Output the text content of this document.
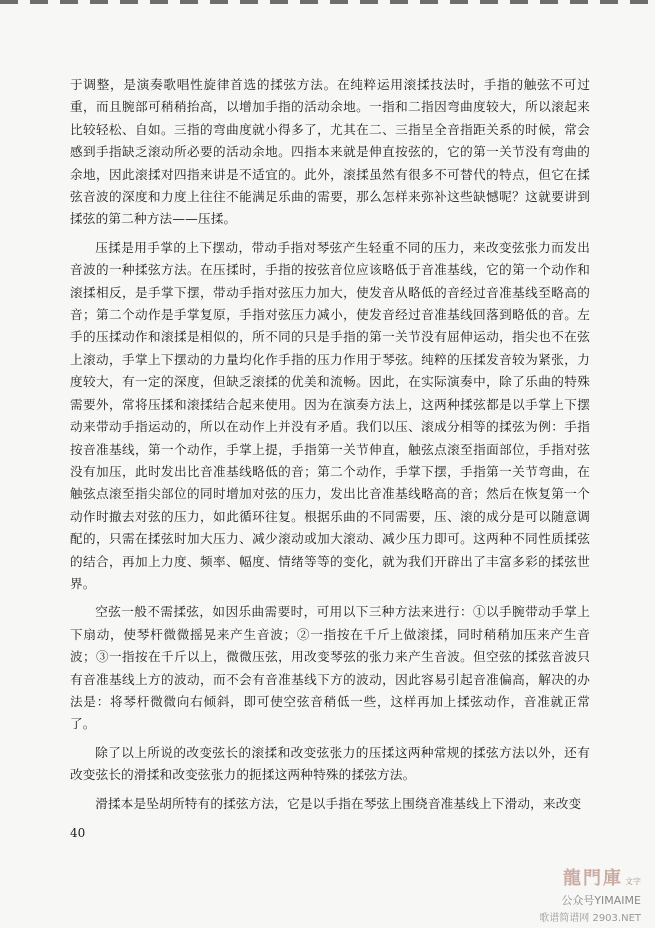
于调整，是演奏歌唱性旋律首选的揉弦方法。在纯粹运用滚揉技法时，手指的触弦不可过重，而且腕部可稍稍抬高，以增加手指的活动余地。一指和二指因弯曲度较大，所以滚起来比较轻松、自如。三指的弯曲度就小得多了，尤其在二、三指呈全音指距关系的时候，常会感到手指缺乏滚动所必要的活动余地。四指本来就是伸直按弦的，它的第一关节没有弯曲的余地，因此滚揉对四指来讲是不适宜的。此外，滚揉虽然有很多不可替代的特点，但它在揉弦音波的深度和力度上往往不能满足乐曲的需要，那么怎样来弥补这些缺憾呢？这就要讲到揉弦的第二种方法——压揉。

压揉是用手掌的上下摆动，带动手指对琴弦产生轻重不同的压力，来改变弦张力而发出音波的一种揉弦方法。在压揉时，手指的按弦音位应该略低于音准基线，它的第一个动作和滚揉相反，是手掌下摆，带动手指对弦压力加大，使发音从略低的音经过音准基线至略高的音；第二个动作是手掌复原，手指对弦压力减小，使发音经过音准基线回落到略低的音。左手的压揉动作和滚揉是相似的，所不同的只是手指的第一关节没有屈伸运动，指尖也不在弦上滚动，手掌上下摆动的力量均化作手指的压力作用于琴弦。纯粹的压揉发音较为紧张，力度较大，有一定的深度，但缺乏滚揉的优美和流畅。因此，在实际演奏中，除了乐曲的特殊需要外，常将压揉和滚揉结合起来使用。因为在演奏方法上，这两种揉弦都是以手掌上下摆动来带动手指运动的，所以在动作上并没有矛盾。我们以压、滚成分相等的揉弦为例：手指按音准基线，第一个动作，手掌上提，手指第一关节伸直，触弦点滚至指面部位，手指对弦没有加压，此时发出比音准基线略低的音；第二个动作，手掌下摆，手指第一关节弯曲，在触弦点滚至指尖部位的同时增加对弦的压力，发出比音准基线略高的音；然后在恢复第一个动作时撤去对弦的压力，如此循环往复。根据乐曲的不同需要，压、滚的成分是可以随意调配的，只需在揉弦时加大压力、减少滚动或加大滚动、减少压力即可。这两种不同性质揉弦的结合，再加上力度、频率、幅度、情绪等等的变化，就为我们开辟出了丰富多彩的揉弦世界。

空弦一般不需揉弦，如因乐曲需要时，可用以下三种方法来进行：①以手腕带动手掌上下扇动，使琴杆微微摇晃来产生音波；②一指按在千斤上做滚揉，同时稍稍加压来产生音波；③一指按在千斤以上，微微压弦，用改变琴弦的张力来产生音波。但空弦的揉弦音波只有音准基线上方的波动，而不会有音准基线下方的波动，因此容易引起音准偏高，解决的办法是：将琴杆微微向右倾斜，即可使空弦音稍低一些，这样再加上揉弦动作，音准就正常了。

除了以上所说的改变弦长的滚揉和改变弦张力的压揉这两种常规的揉弦方法以外，还有改变弦长的滑揉和改变弦张力的扼揉这两种特殊的揉弦方法。

滑揉本是坠胡所特有的揉弦方法，它是以手指在琴弦上围绕音准基线上下滑动，来改变

40
龍門庫 文字
公众号YIMAIME
歌谱简谱网 2903.NET
